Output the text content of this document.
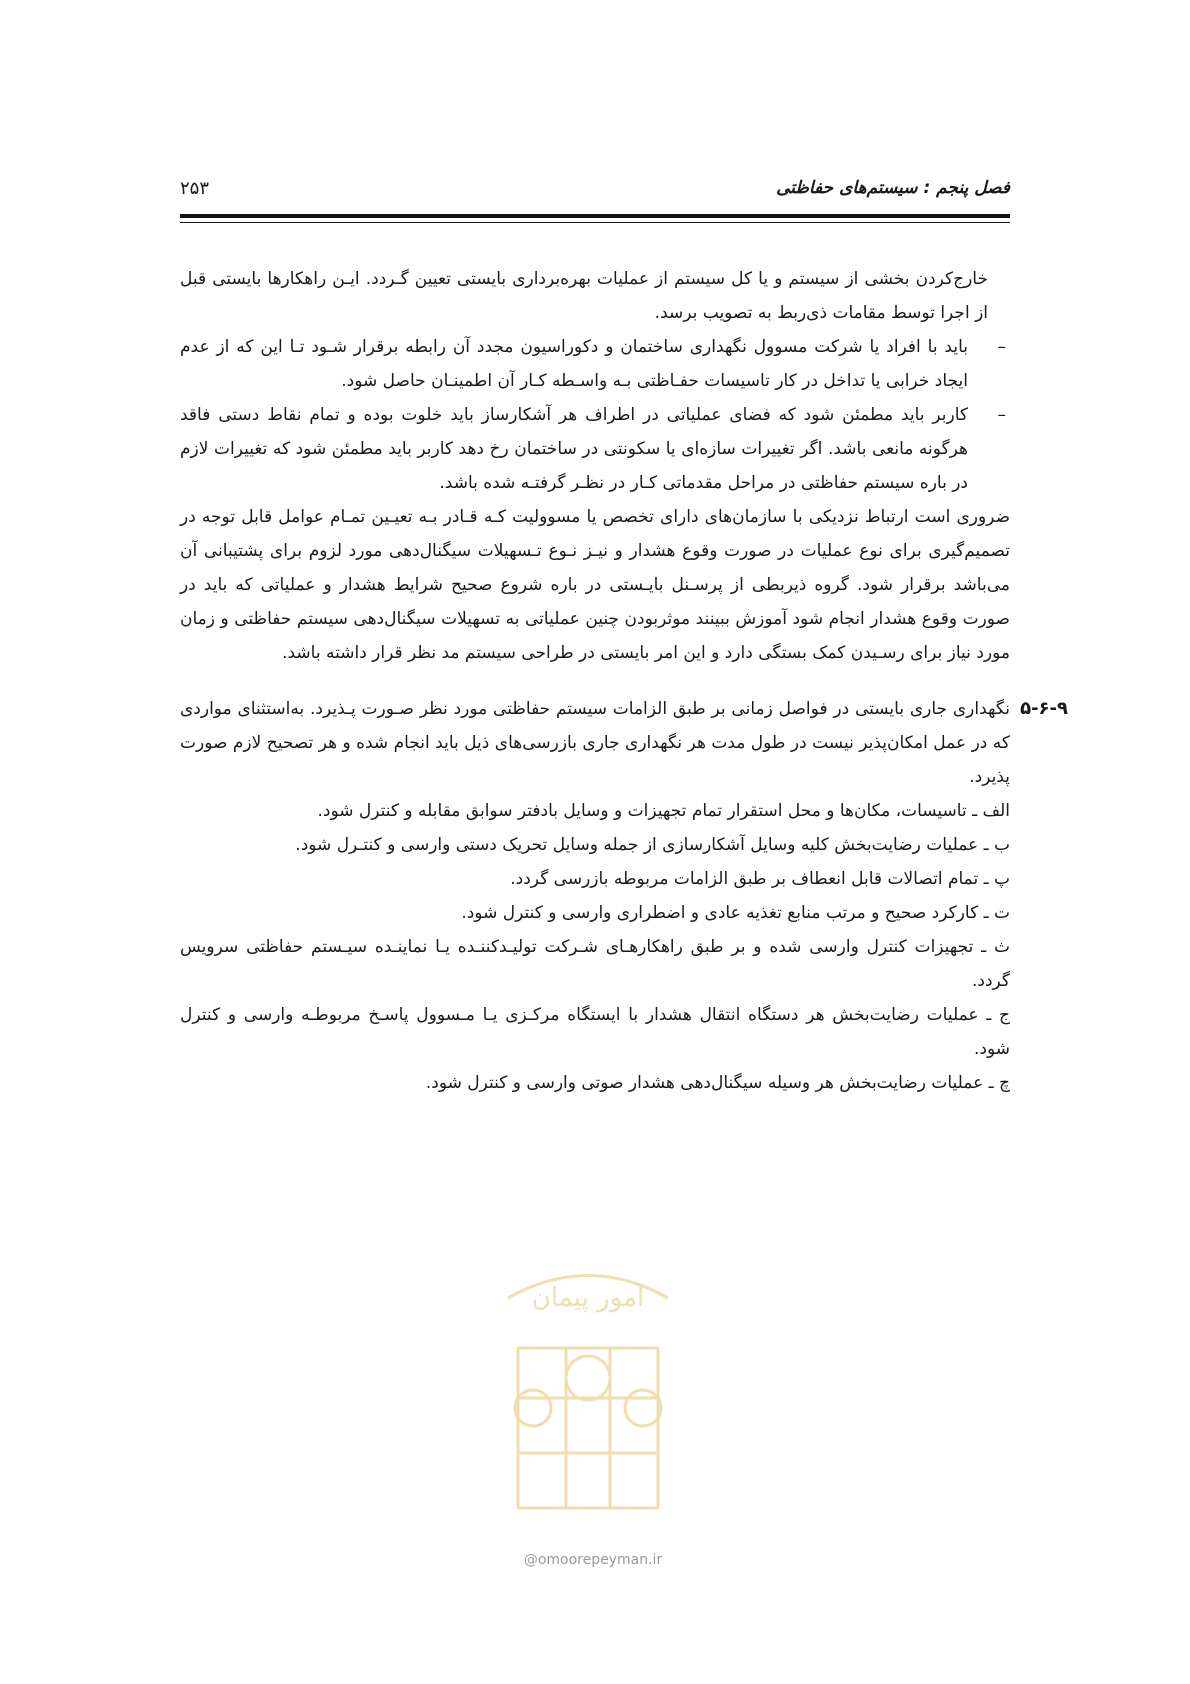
فصل پنجم : سیستم‌های حفاظتی
۲۵۳

خارج‌کردن بخشی از سیستم و یا کل سیستم از عملیات بهره‌برداری بایستی تعیین گـردد. ایـن راهکارها بایستی قبل از اجرا توسط مقامات ذی‌ربط به تصویب برسد.

–
باید با افراد یا شرکت مسوول نگهداری ساختمان و دکوراسیون مجدد آن رابطه برقرار شـود تـا این که از عدم ایجاد خرابی یا تداخل در کار تاسیسات حفـاظتی بـه واسـطه کـار آن اطمینـان حاصل شود.

–
کاربر باید مطمئن شود که فضای عملیاتی در اطراف هر آشکارساز باید خلوت بوده و تمام نقاط دستی فاقد هرگونه مانعی باشد. اگر تغییرات سازه‌ای یا سکونتی در ساختمان رخ دهد کاربر باید مطمئن شود که تغییرات لازم در باره سیستم حفاظتی در مراحل مقدماتی کـار در نظـر گرفتـه شده باشد.

ضروری است ارتباط نزدیکی با سازمان‌های دارای تخصص یا مسوولیت کـه قـادر بـه تعیـین تمـام عوامل قابل توجه در تصمیم‌گیری برای نوع عملیات در صورت وقوع هشدار و نیـز نـوع تـسهیلات سیگنال‌دهی مورد لزوم برای پشتیبانی آن می‌باشد برقرار شود. گروه ذیربطی از پرسـنل بایـستی در باره شروع صحیح شرایط هشدار و عملیاتی که باید در صورت وقوع هشدار انجام شود آموزش ببینند موثربودن چنین عملیاتی به تسهیلات سیگنال‌دهی سیستم حفاظتی و زمان مورد نیاز برای رسـیدن کمک بستگی دارد و این امر بایستی در طراحی سیستم مد نظر قرار داشته باشد.

۵-۶-۹

نگهداری جاری بایستی در فواصل زمانی بر طبق الزامات سیستم حفاظتی مورد نظر صـورت پـذیرد. به‌استثنای مواردی که در عمل امکان‌پذیر نیست در طول مدت هر نگهداری جاری بازرسی‌های ذیل باید انجام شده و هر تصحیح لازم صورت پذیرد.

الف ـ تاسیسات، مکان‌ها و محل استقرار تمام تجهیزات و وسایل بادفتر سوابق مقابله و کنترل شود.

ب ـ عملیات رضایت‌بخش کلیه وسایل آشکارسازی از جمله وسایل تحریک دستی وارسی و کنتـرل شود.

پ ـ تمام اتصالات قابل انعطاف بر طبق الزامات مربوطه بازرسی گردد.

ت ـ کارکرد صحیح و مرتب منابع تغذیه عادی و اضطراری وارسی و کنترل شود.

ث ـ تجهیزات کنترل وارسی شده و بر طبق راهکارهـای شـرکت تولیـدکننـده یـا نماینـده سیـستم حفاظتی سرویس گردد.

ج ـ عملیات رضایت‌بخش هر دستگاه انتقال هشدار با ایستگاه مرکـزی یـا مـسوول پاسـخ مربوطـه وارسی و کنترل شود.

چ ـ عملیات رضایت‌بخش هر وسیله سیگنال‌دهی هشدار صوتی وارسی و کنترل شود.

امور پیمان
@omoorepeyman.ir
